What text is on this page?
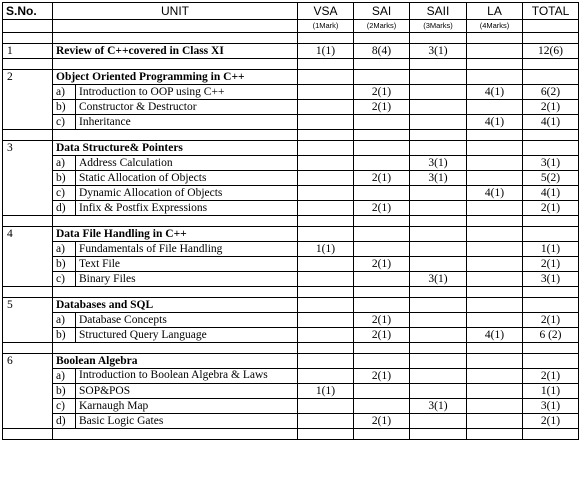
S.No.	UNIT		VSA	SAI	SAII	LA	TOTAL
			(1Mark)	(2Marks)	(3Marks)	(4Marks)	

1	Review of C++covered in Class XI		1(1)	8(4)	3(1)		12(6)

2	Object Oriented Programming in C++						
	a)	Introduction to OOP using C++		2(1)		4(1)	6(2)
	b)	Constructor & Destructor		2(1)			2(1)
	c)	Inheritance				4(1)	4(1)

3	Data Structure& Pointers						
	a)	Address Calculation			3(1)		3(1)
	b)	Static Allocation of Objects		2(1)	3(1)		5(2)
	c)	Dynamic Allocation of Objects				4(1)	4(1)
	d)	Infix & Postfix Expressions		2(1)			2(1)

4	Data File Handling in C++						
	a)	Fundamentals of File Handling	1(1)				1(1)
	b)	Text File		2(1)			2(1)
	c)	Binary Files			3(1)		3(1)

5	Databases and SQL						
	a)	Database Concepts		2(1)			2(1)
	b)	Structured Query Language		2(1)		4(1)	6 (2)

6	Boolean Algebra						
	a)	Introduction to Boolean Algebra & Laws		2(1)			2(1)
	b)	SOP&POS	1(1)				1(1)
	c)	Karnaugh Map			3(1)		3(1)
	d)	Basic Logic Gates		2(1)			2(1)
